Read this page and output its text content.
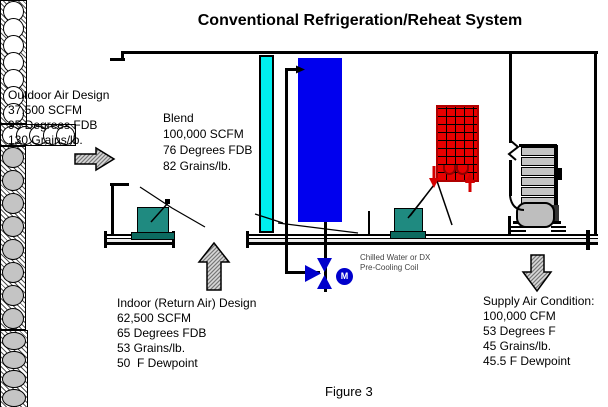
Conventional Refrigeration/Reheat System
Figure 3
M
Outdoor Air Design
37,500 SCFM
95 Degrees FDB
130 Grains/lb.
Blend
100,000 SCFM
76 Degrees FDB
82 Grains/lb.
Indoor (Return Air) Design
62,500 SCFM
65 Degrees FDB
53 Grains/lb.
50  F Dewpoint
Supply Air Condition:
100,000 CFM
53 Degrees F
45 Grains/lb.
45.5 F Dewpoint
Chilled Water or DX
Pre-Cooling Coil
